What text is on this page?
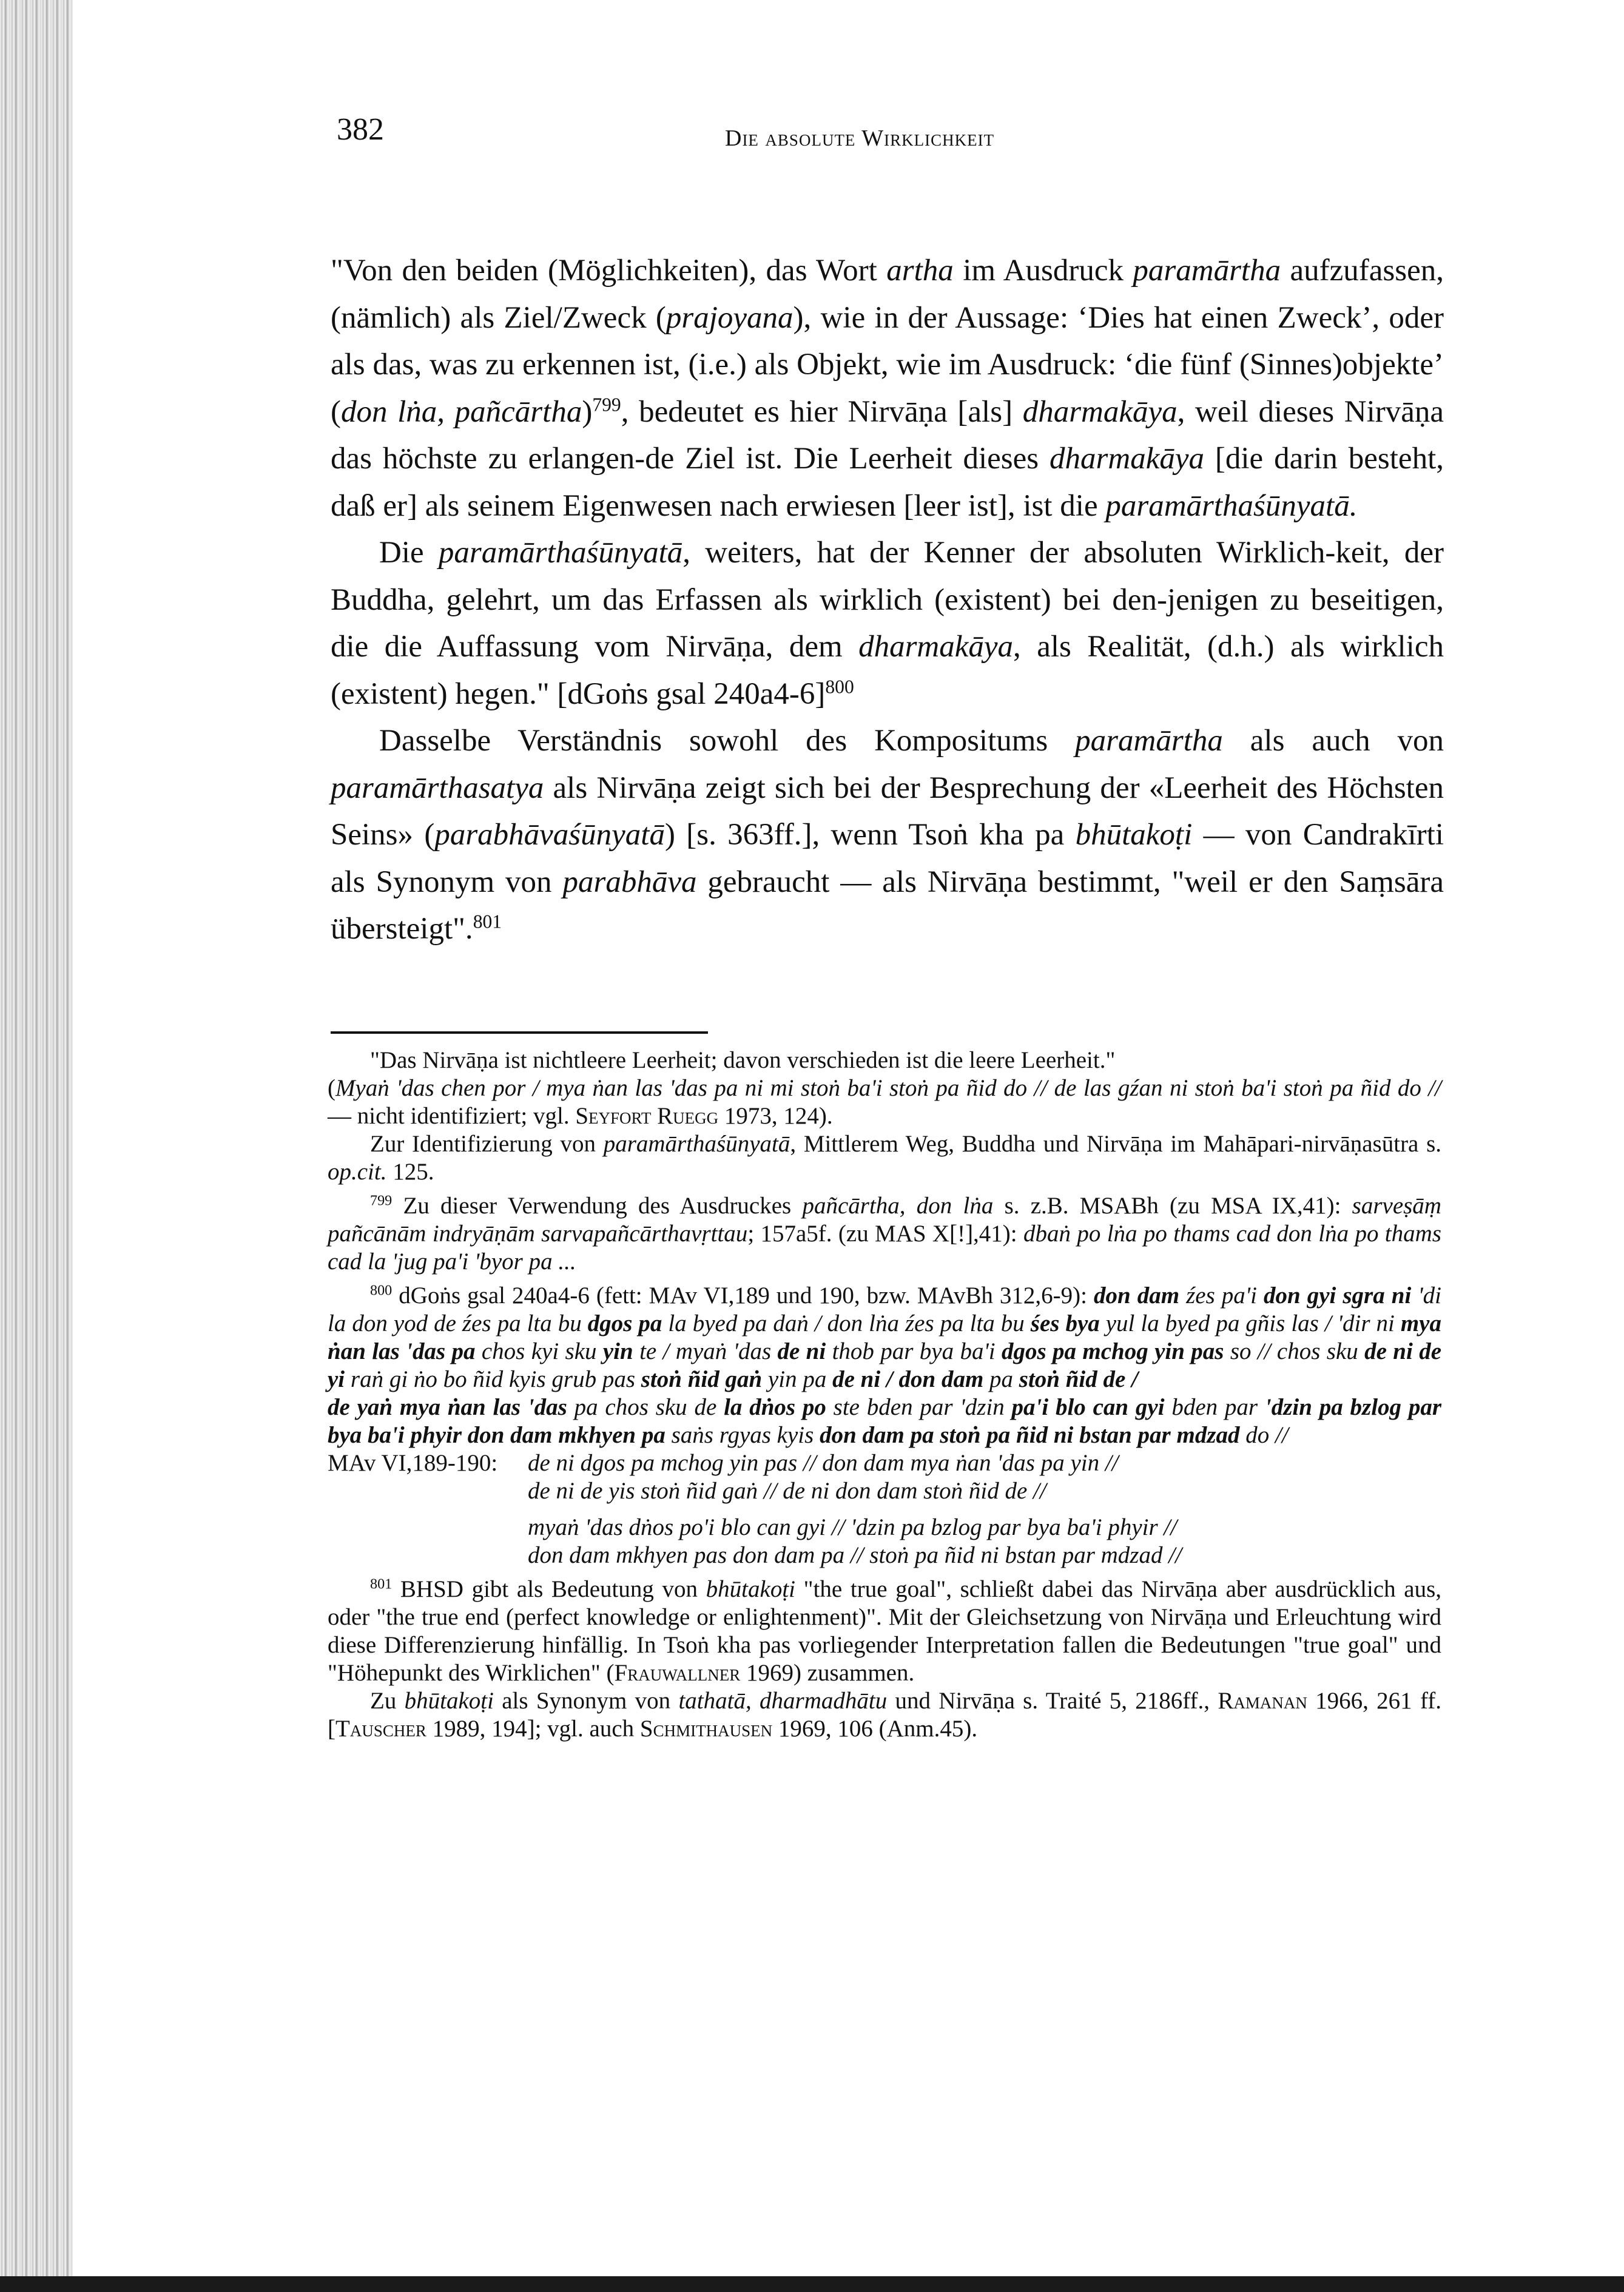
382	Die absolute Wirklichkeit

"Von den beiden (Möglichkeiten), das Wort artha im Ausdruck paramārtha aufzufassen, (nämlich) als Ziel/Zweck (prajoyana), wie in der Aussage: ‘Dies hat einen Zweck’, oder als das, was zu erkennen ist, (i.e.) als Objekt, wie im Ausdruck: ‘die fünf (Sinnes)objekte’ (don lṅa, pañcārtha)$^{799}$, bedeutet es hier Nirvāṇa [als] dharmakāya, weil dieses Nirvāṇa das höchste zu erlangen-de Ziel ist. Die Leerheit dieses dharmakāya [die darin besteht, daß er] als seinem Eigenwesen nach erwiesen [leer ist], ist die paramārthaśūnyatā.

Die paramārthaśūnyatā, weiters, hat der Kenner der absoluten Wirklich-keit, der Buddha, gelehrt, um das Erfassen als wirklich (existent) bei den-jenigen zu beseitigen, die die Auffassung vom Nirvāṇa, dem dharmakāya, als Realität, (d.h.) als wirklich (existent) hegen." [dGoṅs gsal 240a4-6]$^{800}$

Dasselbe Verständnis sowohl des Kompositums paramārtha als auch von paramārthasatya als Nirvāṇa zeigt sich bei der Besprechung der «Leerheit des Höchsten Seins» (parabhāvaśūnyatā) [s. 363ff.], wenn Tsoṅ kha pa bhūtakoṭi — von Candrakīrti als Synonym von parabhāva gebraucht — als Nirvāṇa bestimmt, "weil er den Saṃsāra übersteigt".$^{801}$

"Das Nirvāṇa ist nichtleere Leerheit; davon verschieden ist die leere Leerheit."

(Myaṅ 'das chen por / mya ṅan las 'das pa ni mi stoṅ ba'i stoṅ pa ñid do // de las gźan ni stoṅ ba'i stoṅ pa ñid do // — nicht identifiziert; vgl. Seyfort Ruegg 1973, 124).

Zur Identifizierung von paramārthaśūnyatā, Mittlerem Weg, Buddha und Nirvāṇa im Mahāpari-nirvāṇasūtra s. op.cit. 125.

$^{799}$ Zu dieser Verwendung des Ausdruckes pañcārtha, don lṅa s. z.B. MSABh (zu MSA IX,41): sarveṣāṃ pañcānām indryāṇām sarvapañcārthavṛttau; 157a5f. (zu MAS X[!],41): dbaṅ po lṅa po thams cad don lṅa po thams cad la 'jug pa'i 'byor pa ...

$^{800}$ dGoṅs gsal 240a4-6 (fett: MAv VI,189 und 190, bzw. MAvBh 312,6-9): don dam źes pa'i don gyi sgra ni 'di la don yod de źes pa lta bu dgos pa la byed pa daṅ / don lṅa źes pa lta bu śes bya yul la byed pa gñis las / 'dir ni mya ṅan las 'das pa chos kyi sku yin te / myaṅ 'das de ni thob par bya ba'i dgos pa mchog yin pas so // chos sku de ni de yi raṅ gi ṅo bo ñid kyis grub pas stoṅ ñid gaṅ yin pa de ni / don dam pa stoṅ ñid de /

de yaṅ mya ṅan las 'das pa chos sku de la dṅos po ste bden par 'dzin pa'i blo can gyi bden par 'dzin pa bzlog par bya ba'i phyir don dam mkhyen pa saṅs rgyas kyis don dam pa stoṅ pa ñid ni bstan par mdzad do //

MAv VI,189-190:	de ni dgos pa mchog yin pas // don dam mya ṅan 'das pa yin //
de ni de yis stoṅ ñid gaṅ // de ni don dam stoṅ ñid de //
myaṅ 'das dṅos po'i blo can gyi // 'dzin pa bzlog par bya ba'i phyir //
don dam mkhyen pas don dam pa // stoṅ pa ñid ni bstan par mdzad //

$^{801}$ BHSD gibt als Bedeutung von bhūtakoṭi "the true goal", schließt dabei das Nirvāṇa aber ausdrücklich aus, oder "the true end (perfect knowledge or enlightenment)". Mit der Gleichsetzung von Nirvāṇa und Erleuchtung wird diese Differenzierung hinfällig. In Tsoṅ kha pas vorliegender Interpretation fallen die Bedeutungen "true goal" und "Höhepunkt des Wirklichen" (Frauwallner 1969) zusammen.

Zu bhūtakoṭi als Synonym von tathatā, dharmadhātu und Nirvāṇa s. Traité 5, 2186ff., Ramanan 1966, 261 ff. [Tauscher 1989, 194]; vgl. auch Schmithausen 1969, 106 (Anm.45).
